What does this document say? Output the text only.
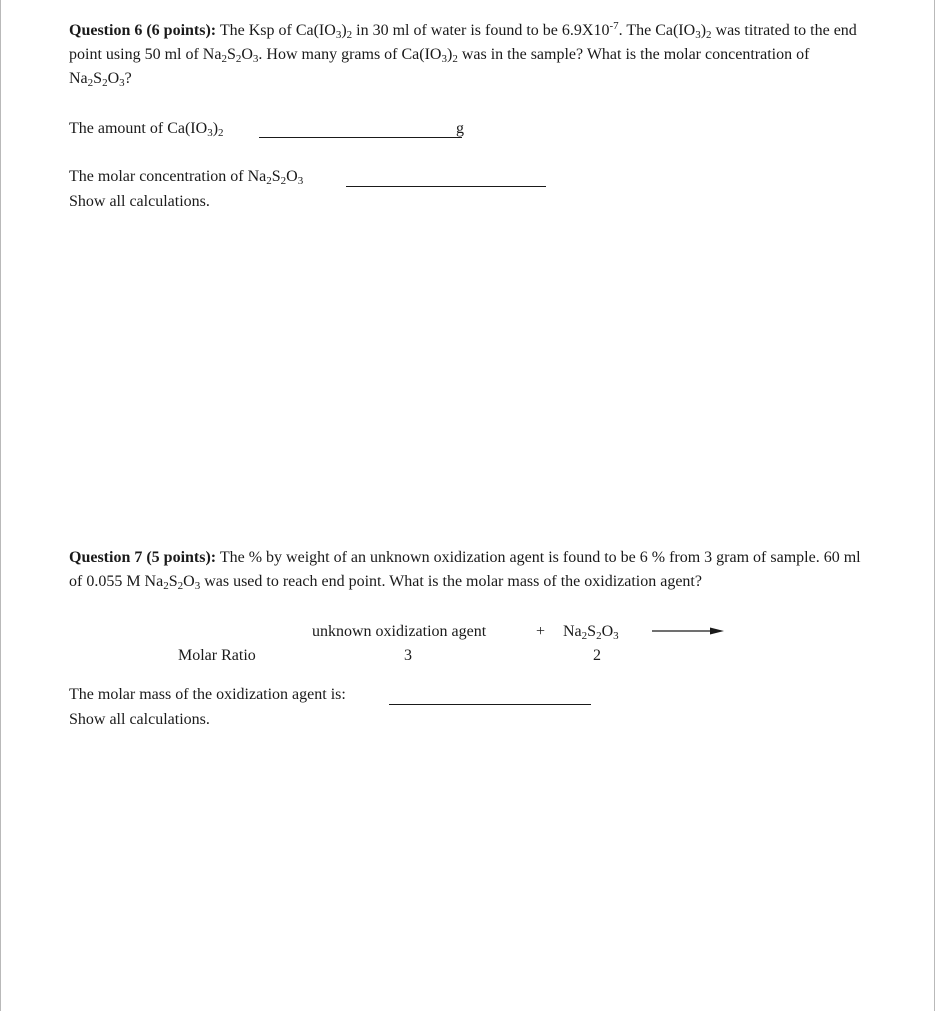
Question 6 (6 points): The Ksp of $Ca(IO_3)_2$ in 30 ml of water is found to be $6.9X10^{-7}$. The $Ca(IO_3)_2$ was titrated to the end point using 50 ml of $Na_2S_2O_3$. How many grams of $Ca(IO_3)_2$ was in the sample? What is the molar concentration of $Na_2S_2O_3$?
The amount of $Ca(IO_3)_2$	g
The molar concentration of $Na_2S_2O_3$
Show all calculations.
Question 7 (5 points): The % by weight of an unknown oxidization agent is found to be 6 % from 3 gram of sample. 60 ml of 0.055 M $Na_2S_2O_3$ was used to reach end point. What is the molar mass of the oxidization agent?
unknown oxidization agent	+ $Na_2S_2O_3$
Molar Ratio	3	2
The molar mass of the oxidization agent is:
Show all calculations.
